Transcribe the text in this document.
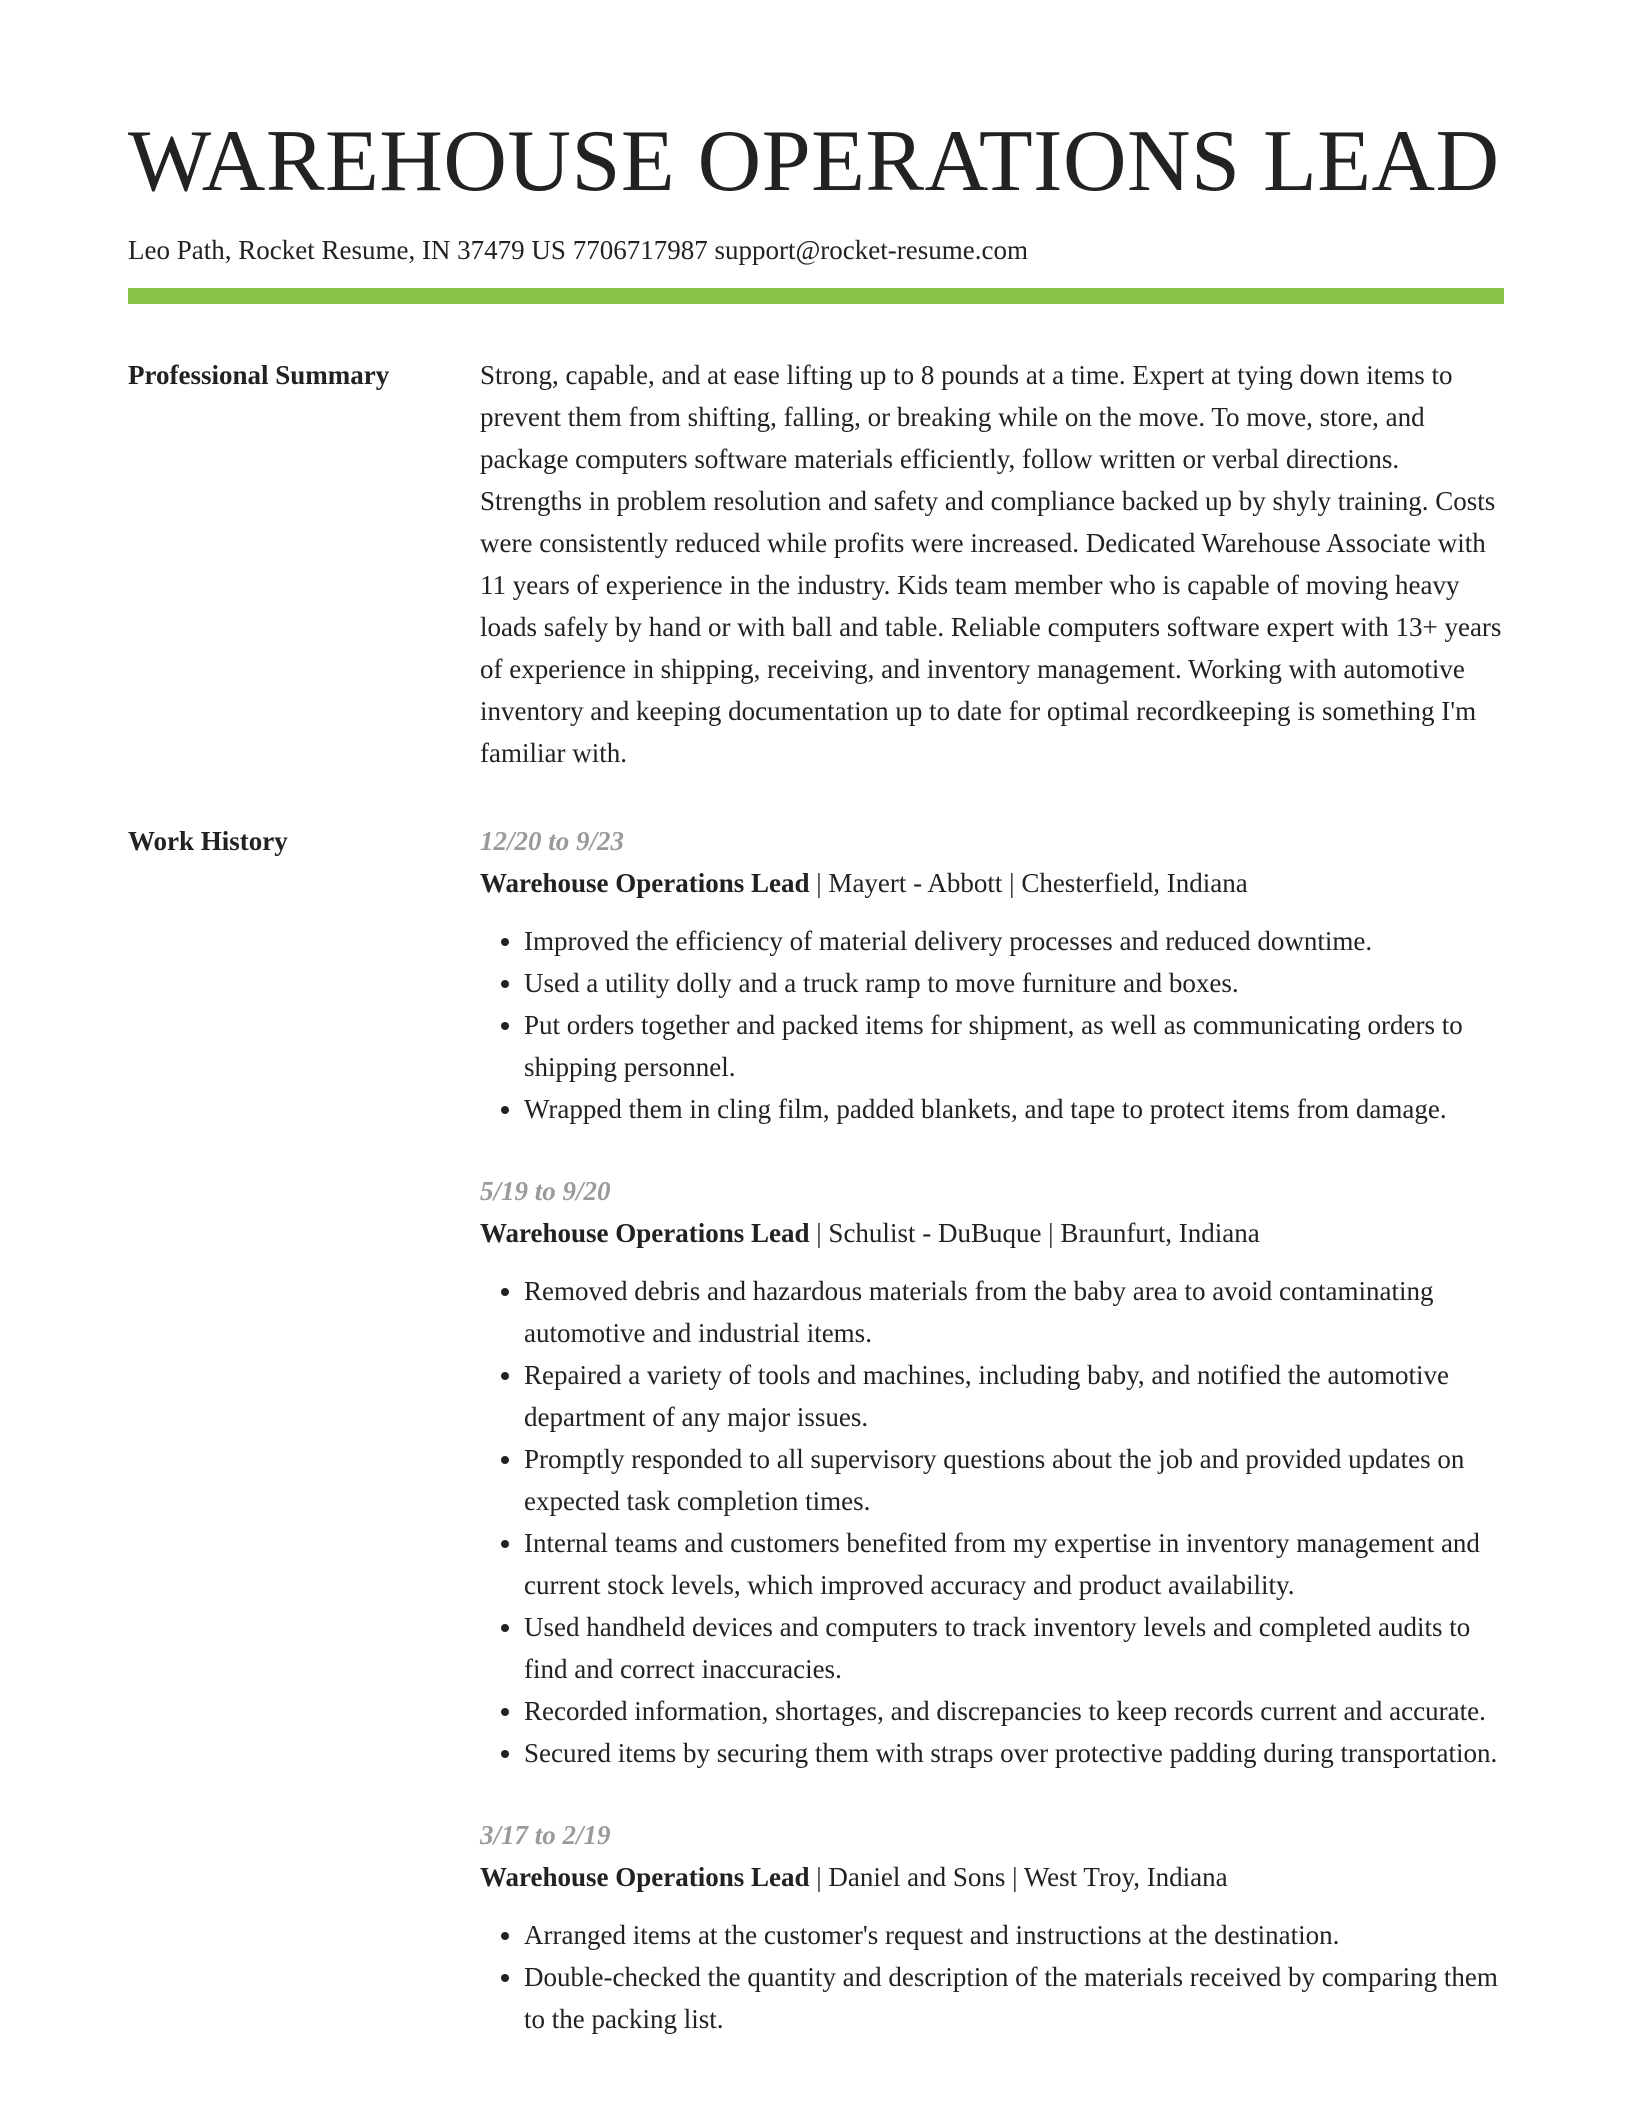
WAREHOUSE OPERATIONS LEAD
Leo Path, Rocket Resume, IN 37479 US 7706717987 support@rocket-resume.com
Professional Summary	Strong, capable, and at ease lifting up to 8 pounds at a time. Expert at tying down items to prevent them from shifting, falling, or breaking while on the move. To move, store, and package computers software materials efficiently, follow written or verbal directions. Strengths in problem resolution and safety and compliance backed up by shyly training. Costs were consistently reduced while profits were increased. Dedicated Warehouse Associate with 11 years of experience in the industry. Kids team member who is capable of moving heavy loads safely by hand or with ball and table. Reliable computers software expert with 13+ years of experience in shipping, receiving, and inventory management. Working with automotive inventory and keeping documentation up to date for optimal recordkeeping is something I'm familiar with.

Work History	12/20 to 9/23
Warehouse Operations Lead | Mayert - Abbott | Chesterfield, Indiana
• Improved the efficiency of material delivery processes and reduced downtime.
• Used a utility dolly and a truck ramp to move furniture and boxes.
• Put orders together and packed items for shipment, as well as communicating orders to shipping personnel.
• Wrapped them in cling film, padded blankets, and tape to protect items from damage.
5/19 to 9/20
Warehouse Operations Lead | Schulist - DuBuque | Braunfurt, Indiana
• Removed debris and hazardous materials from the baby area to avoid contaminating automotive and industrial items.
• Repaired a variety of tools and machines, including baby, and notified the automotive department of any major issues.
• Promptly responded to all supervisory questions about the job and provided updates on expected task completion times.
• Internal teams and customers benefited from my expertise in inventory management and current stock levels, which improved accuracy and product availability.
• Used handheld devices and computers to track inventory levels and completed audits to find and correct inaccuracies.
• Recorded information, shortages, and discrepancies to keep records current and accurate.
• Secured items by securing them with straps over protective padding during transportation.
3/17 to 2/19
Warehouse Operations Lead | Daniel and Sons | West Troy, Indiana
• Arranged items at the customer's request and instructions at the destination.
• Double-checked the quantity and description of the materials received by comparing them to the packing list.
